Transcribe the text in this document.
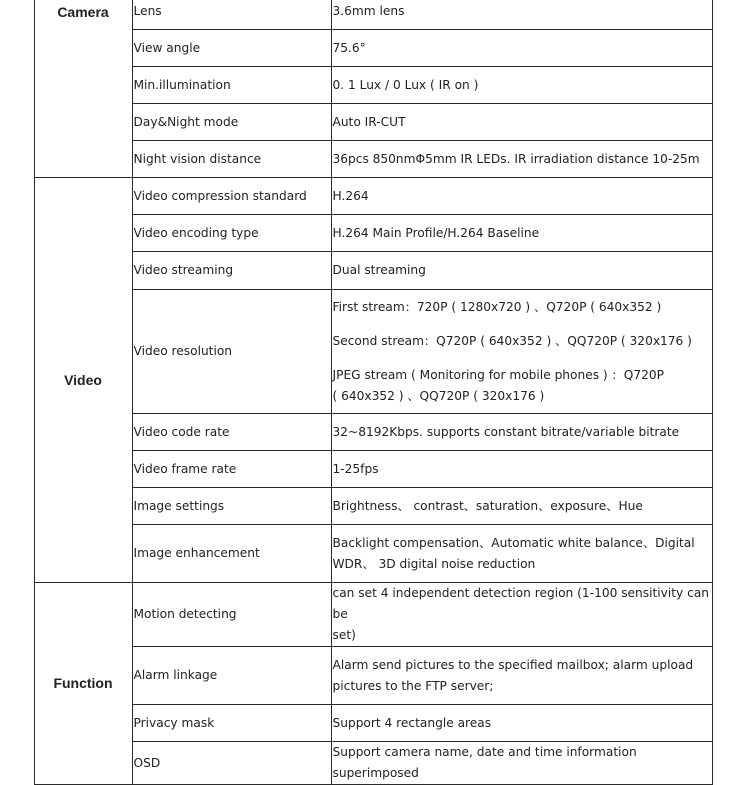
	Camera	Lens	3.6mm lens

		View angle	75.6°

		Min.illumination	0. 1 Lux / 0 Lux ( IR on )

		Day&Night mode	Auto IR-CUT

		Night vision distance	36pcs 850nmΦ5mm IR LEDs. IR irradiation distance 10-25m

	Video	Video compression standard	H.264

		Video encoding type	H.264 Main Profile/H.264 Baseline

		Video streaming	Dual streaming

		Video resolution	First stream：720P ( 1280x720 ) 、Q720P ( 640x352 )

Second stream：Q720P ( 640x352 ) 、QQ720P ( 320x176 )

JPEG stream ( Monitoring for mobile phones ) ：Q720P

( 640x352 ) 、QQ720P ( 320x176 )

		Video code rate	32~8192Kbps. supports constant bitrate/variable bitrate

		Video frame rate	1-25fps

		Image settings	Brightness、 contrast、saturation、exposure、Hue

		Image enhancement	Backlight compensation、Automatic white balance、Digital

WDR、 3D digital noise reduction

	Function	Motion detecting	can set 4 independent detection region (1-100 sensitivity can be

set)

		Alarm linkage	Alarm send pictures to the specified mailbox; alarm upload

pictures to the FTP server;

		Privacy mask	Support 4 rectangle areas

		OSD	Support camera name, date and time information superimposed
